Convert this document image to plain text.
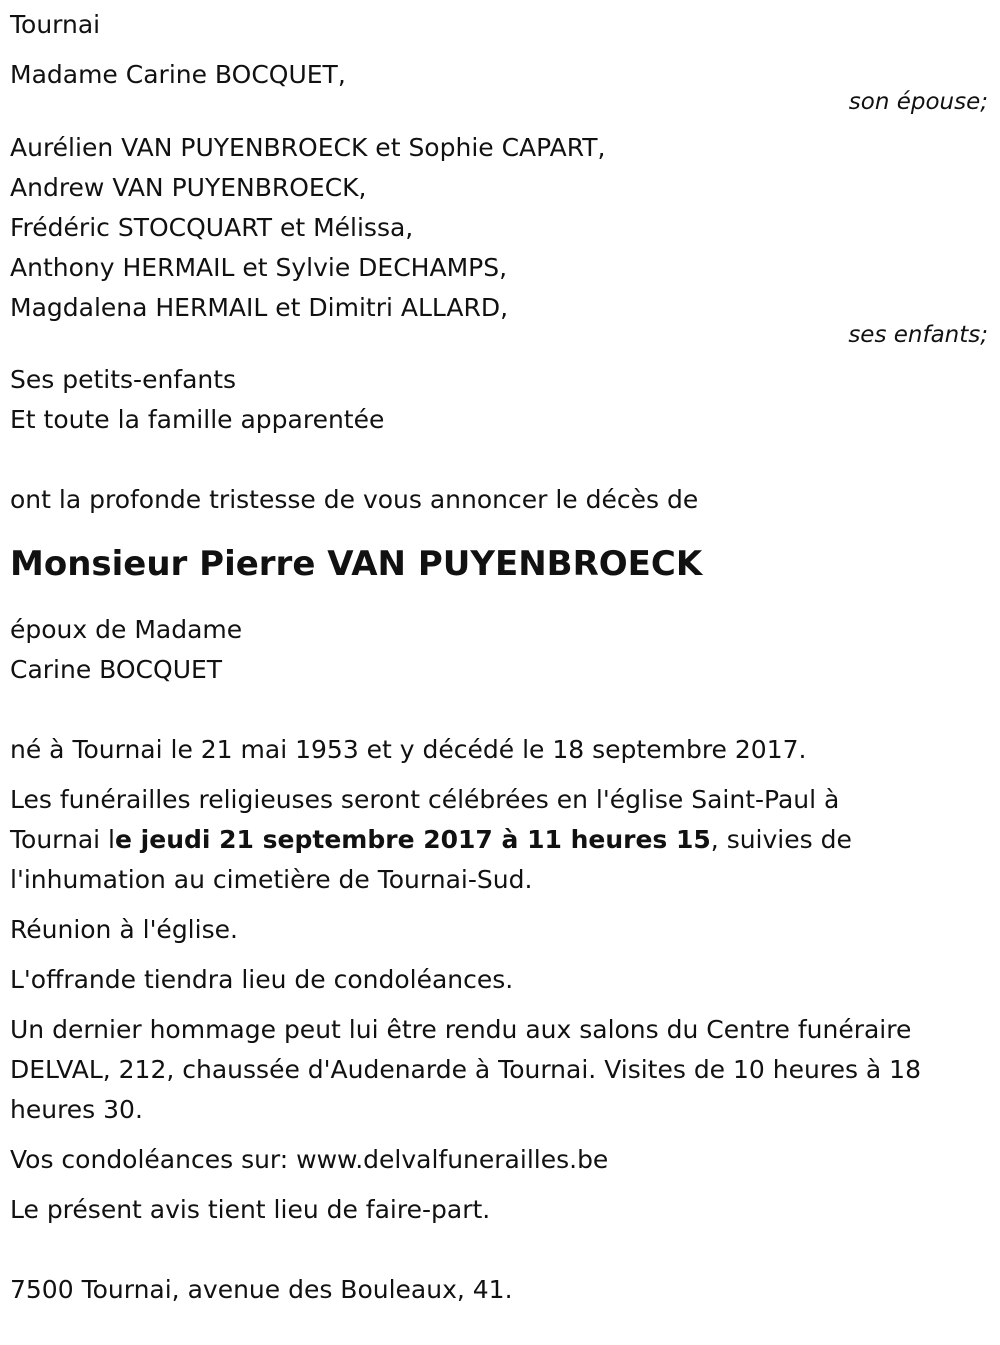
Tournai

Madame Carine BOCQUET,

son épouse;
Aurélien VAN PUYENBROECK et Sophie CAPART,
Andrew VAN PUYENBROECK,
Frédéric STOCQUART et Mélissa,
Anthony HERMAIL et Sylvie DECHAMPS,
Magdalena HERMAIL et Dimitri ALLARD,
ses enfants;
Ses petits-enfants
Et toute la famille apparentée

ont la profonde tristesse de vous annoncer le décès de

Monsieur Pierre VAN PUYENBROECK

époux de Madame
Carine BOCQUET

né à Tournai le 21 mai 1953 et y décédé le 18 septembre 2017.

Les funérailles religieuses seront célébrées en l'église Saint-Paul à
Tournai le jeudi 21 septembre 2017 à 11 heures 15, suivies de
l'inhumation au cimetière de Tournai-Sud.

Réunion à l'église.

L'offrande tiendra lieu de condoléances.

Un dernier hommage peut lui être rendu aux salons du Centre funéraire
DELVAL, 212, chaussée d'Audenarde à Tournai. Visites de 10 heures à 18
heures 30.

Vos condoléances sur: www.delvalfunerailles.be

Le présent avis tient lieu de faire-part.

7500 Tournai, avenue des Bouleaux, 41.
